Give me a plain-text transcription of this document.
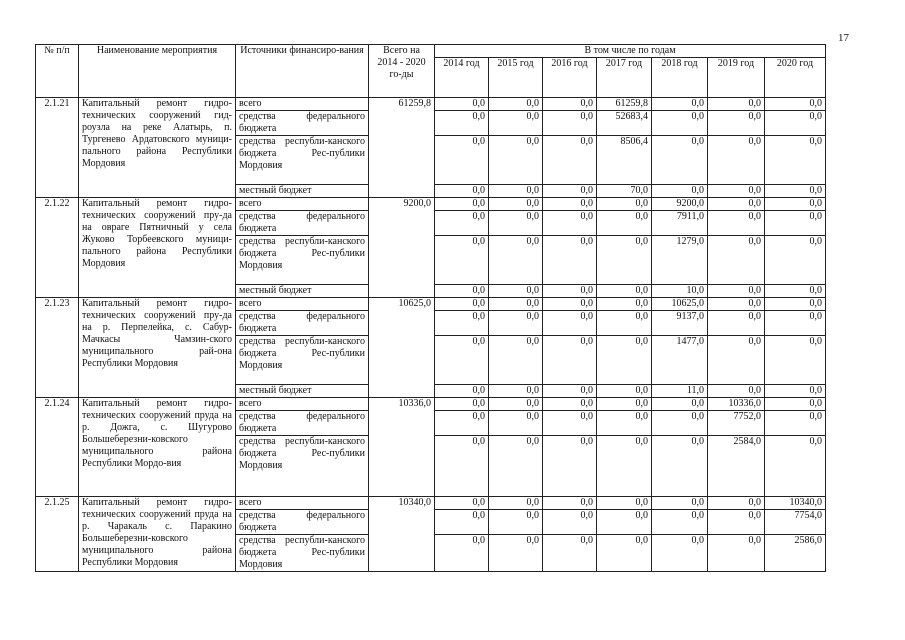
17
№ п/п	Наименование мероприятия	Источники финансиро-вания	Всего на 2014 - 2020 го-ды	В том числе по годам						
				2014 год	2015 год	2016 год	2017 год	2018 год	2019 год	2020 год
2.1.21	Капитальный ремонт гидро-технических сооружений гид-роузла на реке Алатырь, п. Тургенево Ардатовского муници-пального района Республики Мордовия	всего	61259,8	0,0	0,0	0,0	61259,8	0,0	0,0	0,0
		средства федерального бюджета		0,0	0,0	0,0	52683,4	0,0	0,0	0,0
		средства республи-канского бюджета Рес-публики Мордовия		0,0	0,0	0,0	8506,4	0,0	0,0	0,0
		местный бюджет		0,0	0,0	0,0	70,0	0,0	0,0	0,0
2.1.22	Капитальный ремонт гидро-технических сооружений пру-да на овраге Пятничный у села Жуково Торбеевского муници-пального района Республики Мордовия	всего	9200,0	0,0	0,0	0,0	0,0	9200,0	0,0	0,0
		средства федерального бюджета		0,0	0,0	0,0	0,0	7911,0	0,0	0,0
		средства республи-канского бюджета Рес-публики Мордовия		0,0	0,0	0,0	0,0	1279,0	0,0	0,0
		местный бюджет		0,0	0,0	0,0	0,0	10,0	0,0	0,0
2.1.23	Капитальный ремонт гидро-технических сооружений пру-да на р. Перпелейка, с. Сабур-Мачкасы Чамзин-ского муниципального рай-она Республики Мордовия	всего	10625,0	0,0	0,0	0,0	0,0	10625,0	0,0	0,0
		средства федерального бюджета		0,0	0,0	0,0	0,0	9137,0	0,0	0,0
		средства республи-канского бюджета Рес-публики Мордовия		0,0	0,0	0,0	0,0	1477,0	0,0	0,0
		местный бюджет		0,0	0,0	0,0	0,0	11,0	0,0	0,0
2.1.24	Капитальный ремонт гидро-технических сооружений пруда на р. Дожга, с. Шугурово Большеберезни-ковского муниципального района Республики Мордо-вия	всего	10336,0	0,0	0,0	0,0	0,0	0,0	10336,0	0,0
		средства федерального бюджета		0,0	0,0	0,0	0,0	0,0	7752,0	0,0
		средства республи-канского бюджета Рес-публики Мордовия		0,0	0,0	0,0	0,0	0,0	2584,0	0,0
2.1.25	Капитальный ремонт гидро-технических сооружений пруда на р. Чаракаль с. Паракино Большеберезни-ковского муниципального района Республики Мордовия	всего	10340,0	0,0	0,0	0,0	0,0	0,0	0,0	10340,0
		средства федерального бюджета		0,0	0,0	0,0	0,0	0,0	0,0	7754,0
		средства республи-канского бюджета Рес-публики Мордовия		0,0	0,0	0,0	0,0	0,0	0,0	2586,0
